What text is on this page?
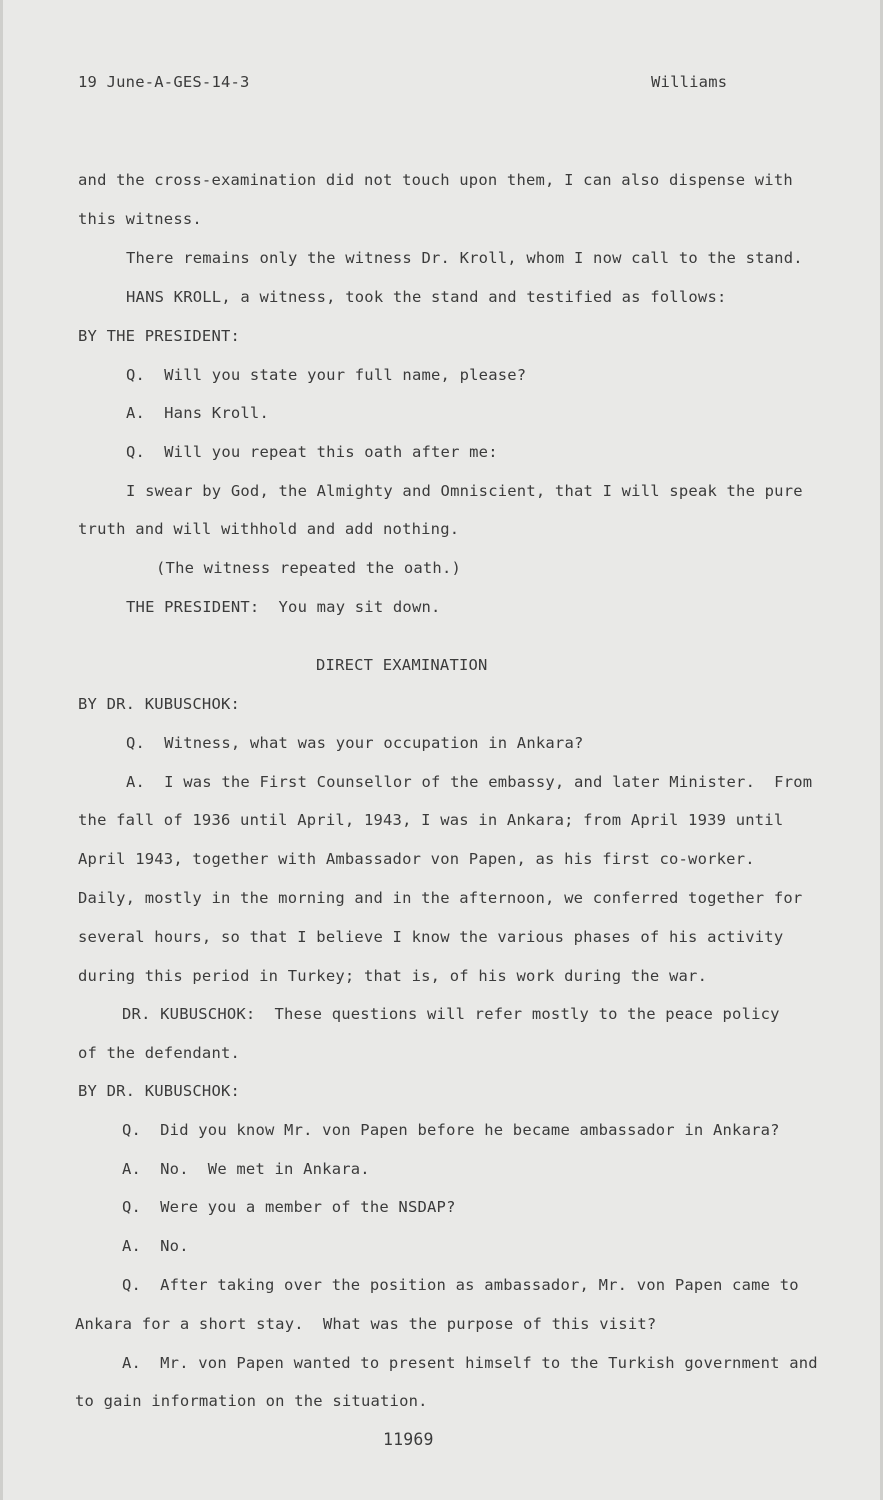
19 June-A-GES-14-3	Williams
and the cross-examination did not touch upon them, I can also dispense with
this witness.
There remains only the witness Dr. Kroll, whom I now call to the stand.
HANS KROLL, a witness, took the stand and testified as follows:
BY THE PRESIDENT:
Q.  Will you state your full name, please?
A.  Hans Kroll.
Q.  Will you repeat this oath after me:
I swear by God, the Almighty and Omniscient, that I will speak the pure
truth and will withhold and add nothing.
(The witness repeated the oath.)
THE PRESIDENT:  You may sit down.
DIRECT EXAMINATION
BY DR. KUBUSCHOK:
Q.  Witness, what was your occupation in Ankara?
A.  I was the First Counsellor of the embassy, and later Minister.  From
the fall of 1936 until April, 1943, I was in Ankara; from April 1939 until
April 1943, together with Ambassador von Papen, as his first co-worker.
Daily, mostly in the morning and in the afternoon, we conferred together for
several hours, so that I believe I know the various phases of his activity
during this period in Turkey; that is, of his work during the war.
DR. KUBUSCHOK:  These questions will refer mostly to the peace policy
of the defendant.
BY DR. KUBUSCHOK:
Q.  Did you know Mr. von Papen before he became ambassador in Ankara?
A.  No.  We met in Ankara.
Q.  Were you a member of the NSDAP?
A.  No.
Q.  After taking over the position as ambassador, Mr. von Papen came to
Ankara for a short stay.  What was the purpose of this visit?
A.  Mr. von Papen wanted to present himself to the Turkish government and
to gain information on the situation.
11969
